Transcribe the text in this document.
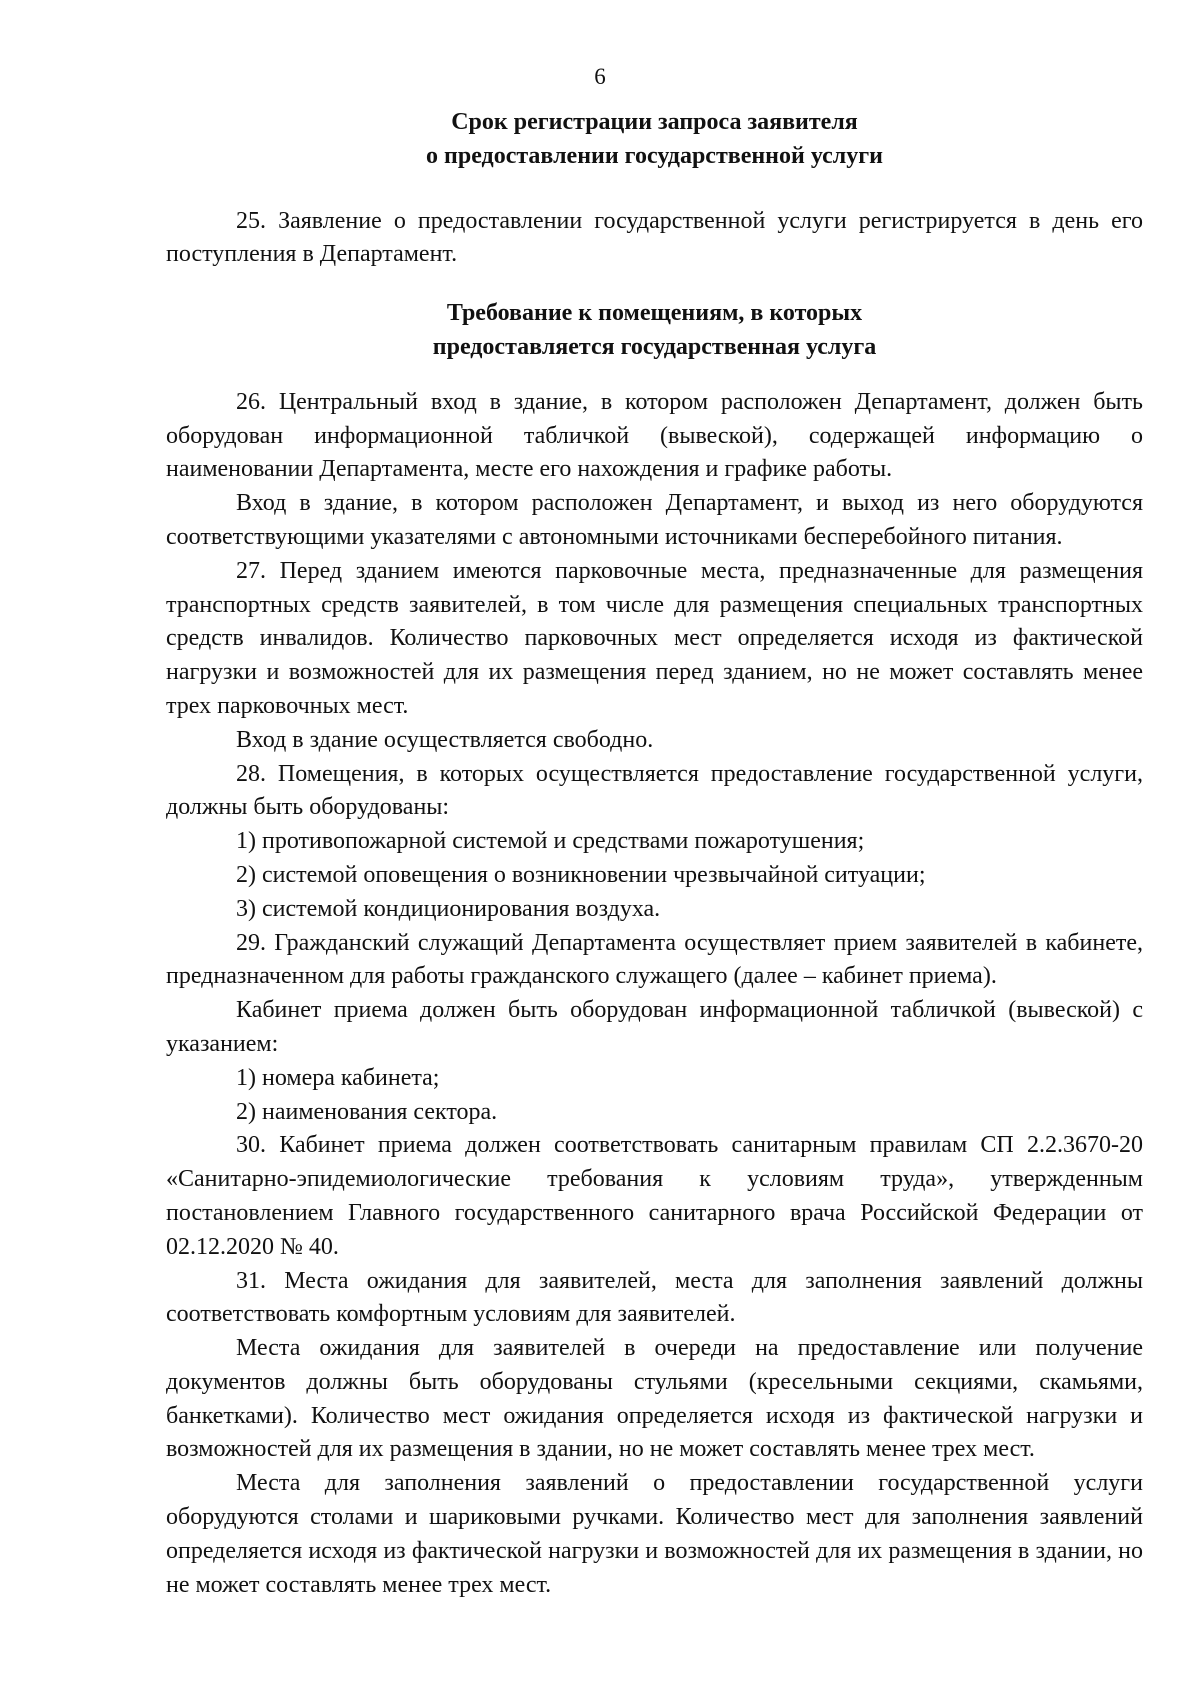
6
Срок регистрации запроса заявителя
о предоставлении государственной услуги

25. Заявление о предоставлении государственной услуги регистрируется в день его поступления в Департамент.

Требование к помещениям, в которых
предоставляется государственная услуга

26. Центральный вход в здание, в котором расположен Департамент, должен быть оборудован информационной табличкой (вывеской), содержащей информацию о наименовании Департамента, месте его нахождения и графике работы.

Вход в здание, в котором расположен Департамент, и выход из него оборудуются соответствующими указателями с автономными источниками бесперебойного питания.

27. Перед зданием имеются парковочные места, предназначенные для размещения транспортных средств заявителей, в том числе для размещения специальных транспортных средств инвалидов. Количество парковочных мест определяется исходя из фактической нагрузки и возможностей для их размещения перед зданием, но не может составлять менее трех парковочных мест.

Вход в здание осуществляется свободно.

28. Помещения, в которых осуществляется предоставление государственной услуги, должны быть оборудованы:

1) противопожарной системой и средствами пожаротушения;

2) системой оповещения о возникновении чрезвычайной ситуации;

3) системой кондиционирования воздуха.

29. Гражданский служащий Департамента осуществляет прием заявителей в кабинете, предназначенном для работы гражданского служащего (далее – кабинет приема).

Кабинет приема должен быть оборудован информационной табличкой (вывеской) с указанием:

1) номера кабинета;

2) наименования сектора.

30. Кабинет приема должен соответствовать санитарным правилам СП 2.2.3670-20 «Санитарно-эпидемиологические требования к условиям труда», утвержденным постановлением Главного государственного санитарного врача Российской Федерации от 02.12.2020 № 40.

31. Места ожидания для заявителей, места для заполнения заявлений должны соответствовать комфортным условиям для заявителей.

Места ожидания для заявителей в очереди на предоставление или получение документов должны быть оборудованы стульями (кресельными секциями, скамьями, банкетками). Количество мест ожидания определяется исходя из фактической нагрузки и возможностей для их размещения в здании, но не может составлять менее трех мест.

Места для заполнения заявлений о предоставлении государственной услуги оборудуются столами и шариковыми ручками. Количество мест для заполнения заявлений определяется исходя из фактической нагрузки и возможностей для их размещения в здании, но не может составлять менее трех мест.
